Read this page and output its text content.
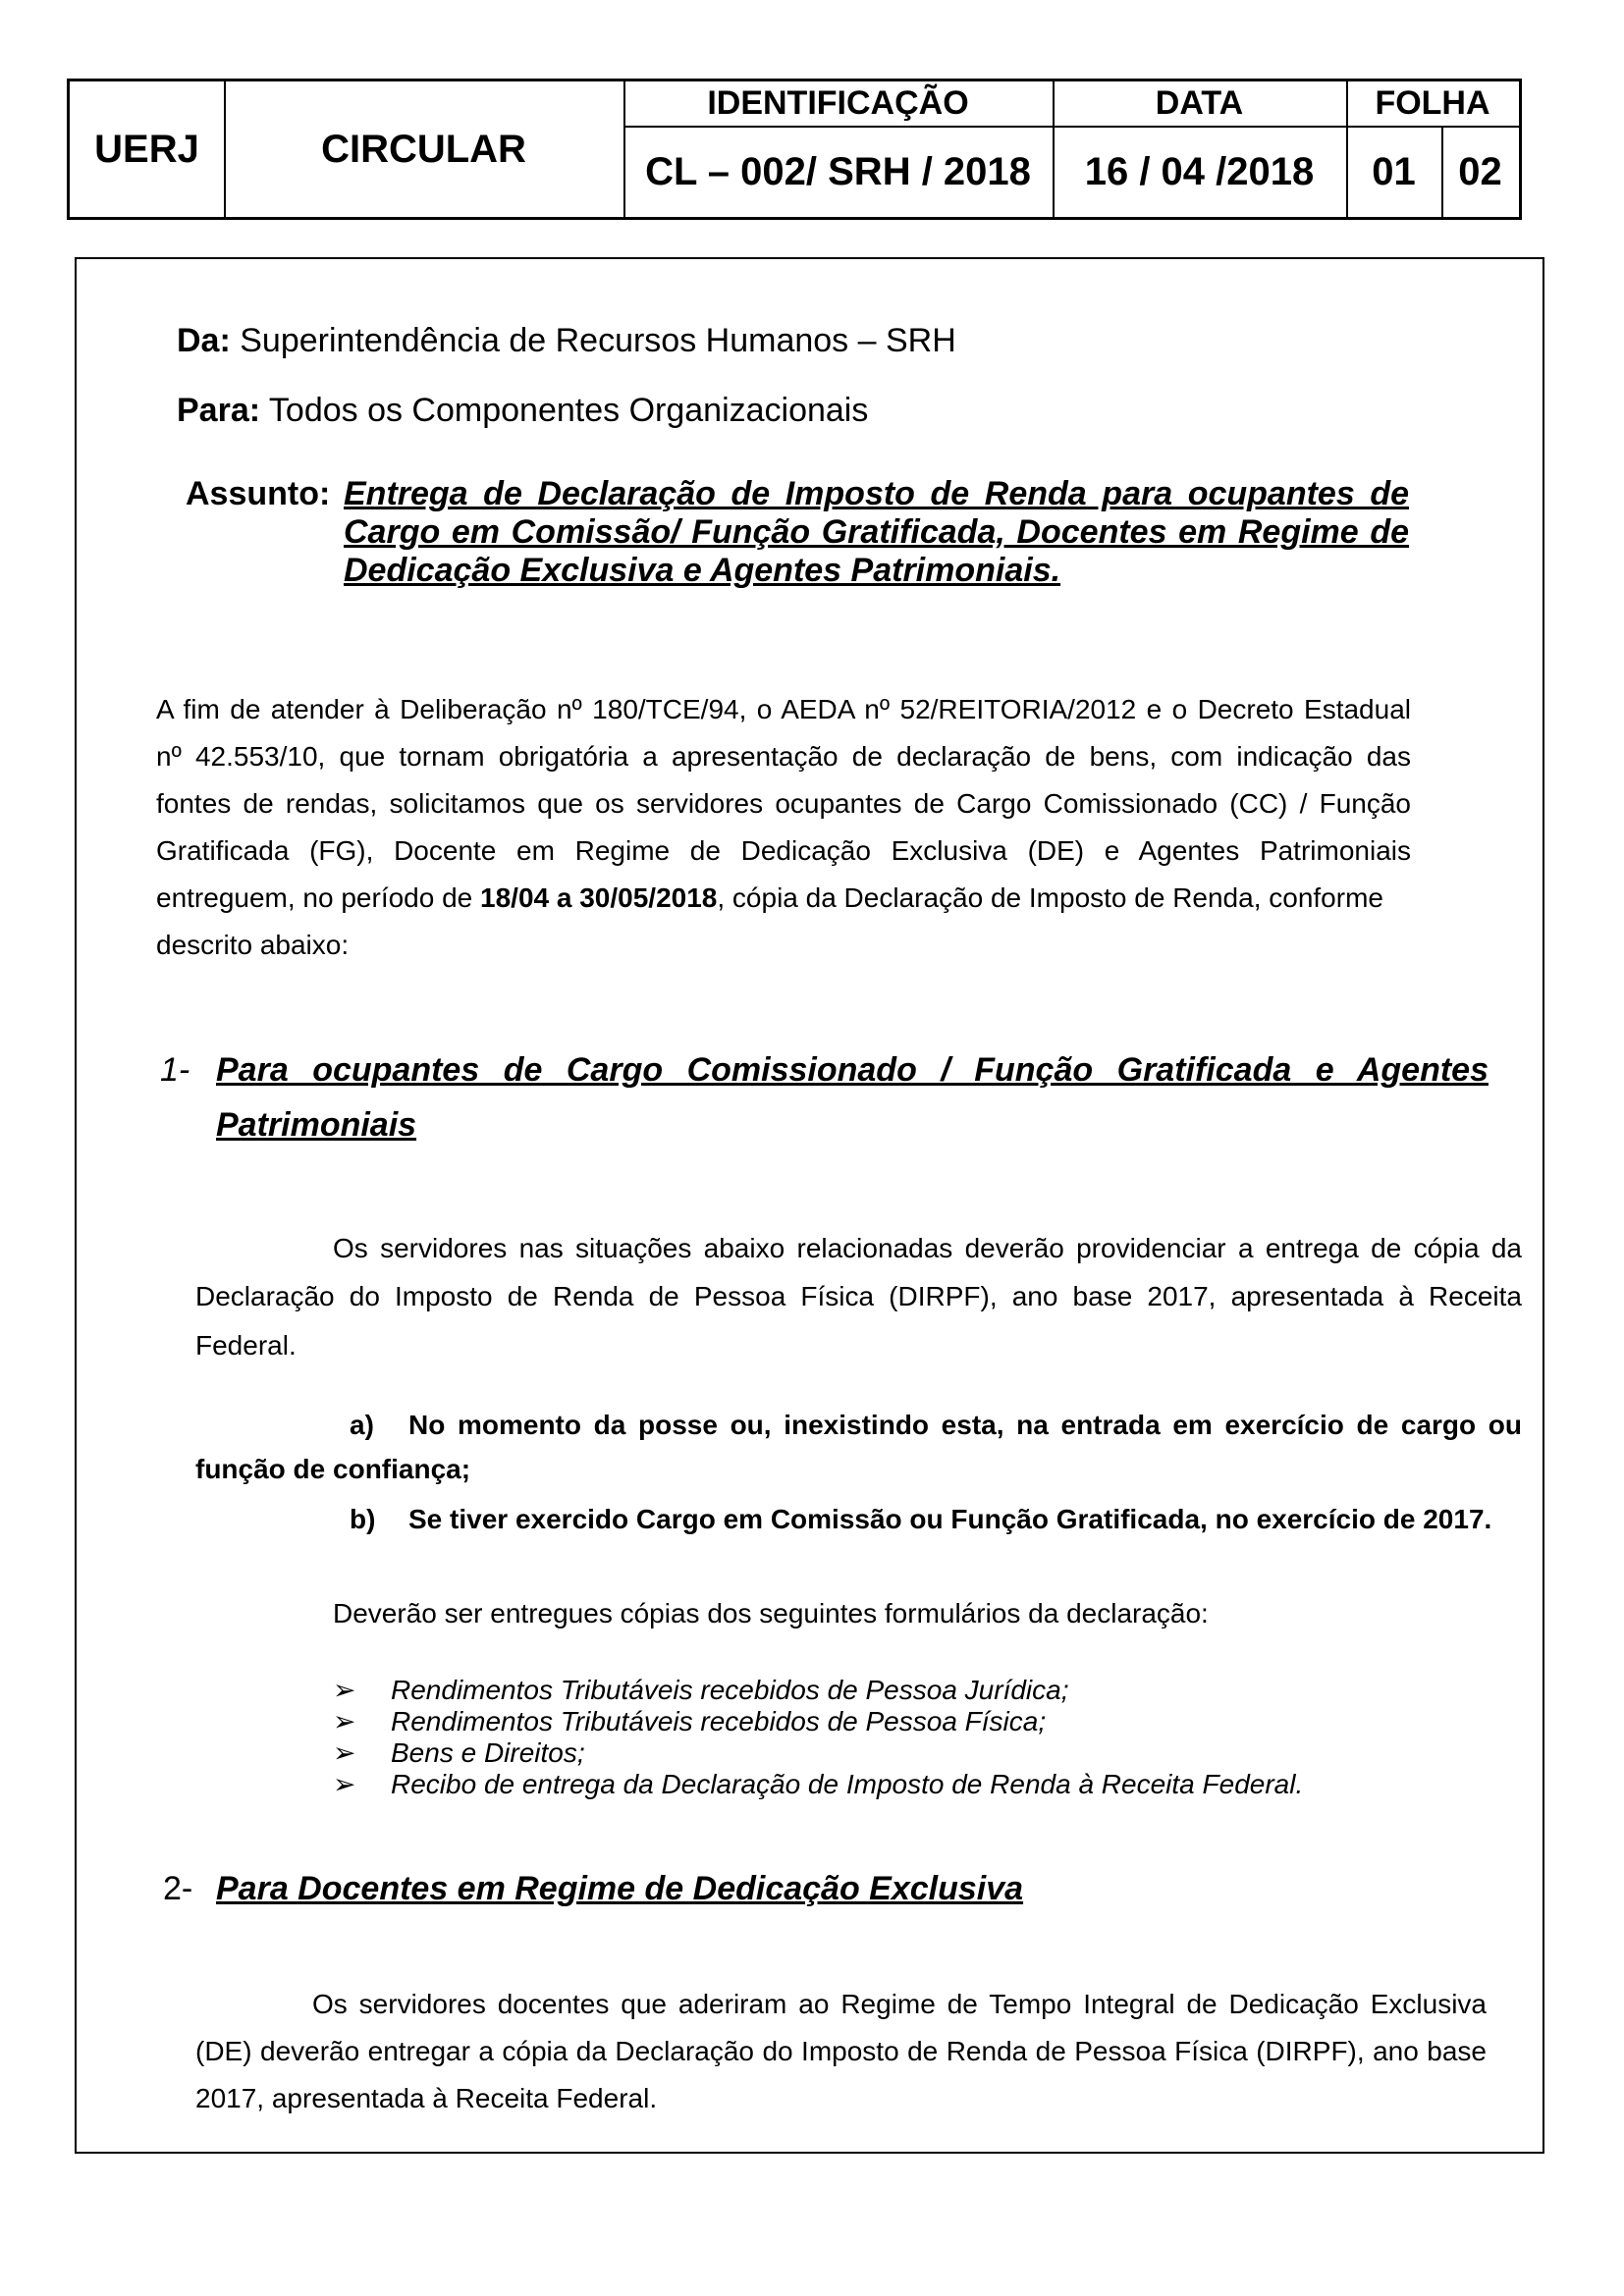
UERJ	CIRCULAR
IDENTIFICAÇÃO	DATA	FOLHA
CL – 002/ SRH / 2018	16 / 04 /2018	01	02
Da: Superintendência de Recursos Humanos – SRH
Para: Todos os Componentes Organizacionais
Assunto: Entrega de Declaração de Imposto de Renda para ocupantes de
Cargo em Comissão/ Função Gratificada, Docentes em Regime de
Dedicação Exclusiva e Agentes Patrimoniais.
A fim de atender à Deliberação nº 180/TCE/94, o AEDA nº 52/REITORIA/2012 e o Decreto Estadual
nº 42.553/10, que tornam obrigatória a apresentação de declaração de bens, com indicação das
fontes de rendas, solicitamos que os servidores ocupantes de Cargo Comissionado (CC) / Função
Gratificada (FG), Docente em Regime de Dedicação Exclusiva (DE) e Agentes Patrimoniais
entreguem, no período de 18/04 a 30/05/2018, cópia da Declaração de Imposto de Renda, conforme
descrito abaixo:
1- Para ocupantes de Cargo Comissionado / Função Gratificada e Agentes
Patrimoniais
Os servidores nas situações abaixo relacionadas deverão providenciar a entrega de cópia da
Declaração do Imposto de Renda de Pessoa Física (DIRPF), ano base 2017, apresentada à Receita
Federal.
a) No momento da posse ou, inexistindo esta, na entrada em exercício de cargo ou
função de confiança;
b) Se tiver exercido Cargo em Comissão ou Função Gratificada, no exercício de 2017.
Deverão ser entregues cópias dos seguintes formulários da declaração:
➢ Rendimentos Tributáveis recebidos de Pessoa Jurídica;
➢ Rendimentos Tributáveis recebidos de Pessoa Física;
➢ Bens e Direitos;
➢ Recibo de entrega da Declaração de Imposto de Renda à Receita Federal.
2- Para Docentes em Regime de Dedicação Exclusiva
Os servidores docentes que aderiram ao Regime de Tempo Integral de Dedicação Exclusiva
(DE) deverão entregar a cópia da Declaração do Imposto de Renda de Pessoa Física (DIRPF), ano base
2017, apresentada à Receita Federal.
